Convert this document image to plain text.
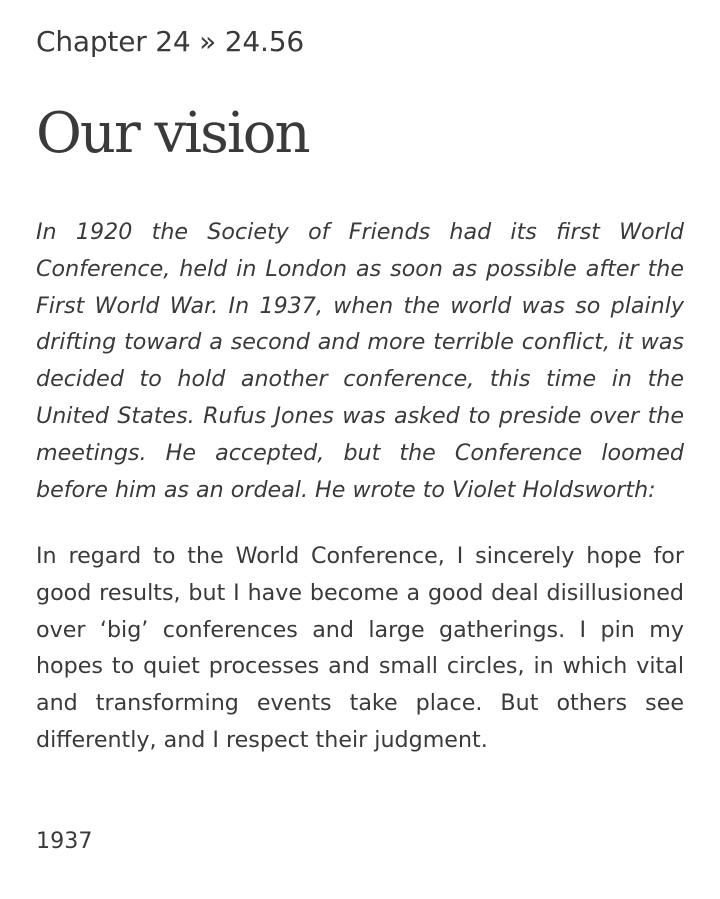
Chapter 24 » 24.56
Our vision

In 1920 the Society of Friends had its first World Conference, held in London as soon as possible after the First World War. In 1937, when the world was so plainly drifting toward a second and more terrible conflict, it was decided to hold another conference, this time in the United States. Rufus Jones was asked to preside over the meetings. He accepted, but the Conference loomed before him as an ordeal. He wrote to Violet Holdsworth:

In regard to the World Conference, I sincerely hope for good results, but I have become a good deal disillusioned over ‘big’ conferences and large gatherings. I pin my hopes to quiet processes and small circles, in which vital and transforming events take place. But others see differently, and I respect their judgment.

1937
